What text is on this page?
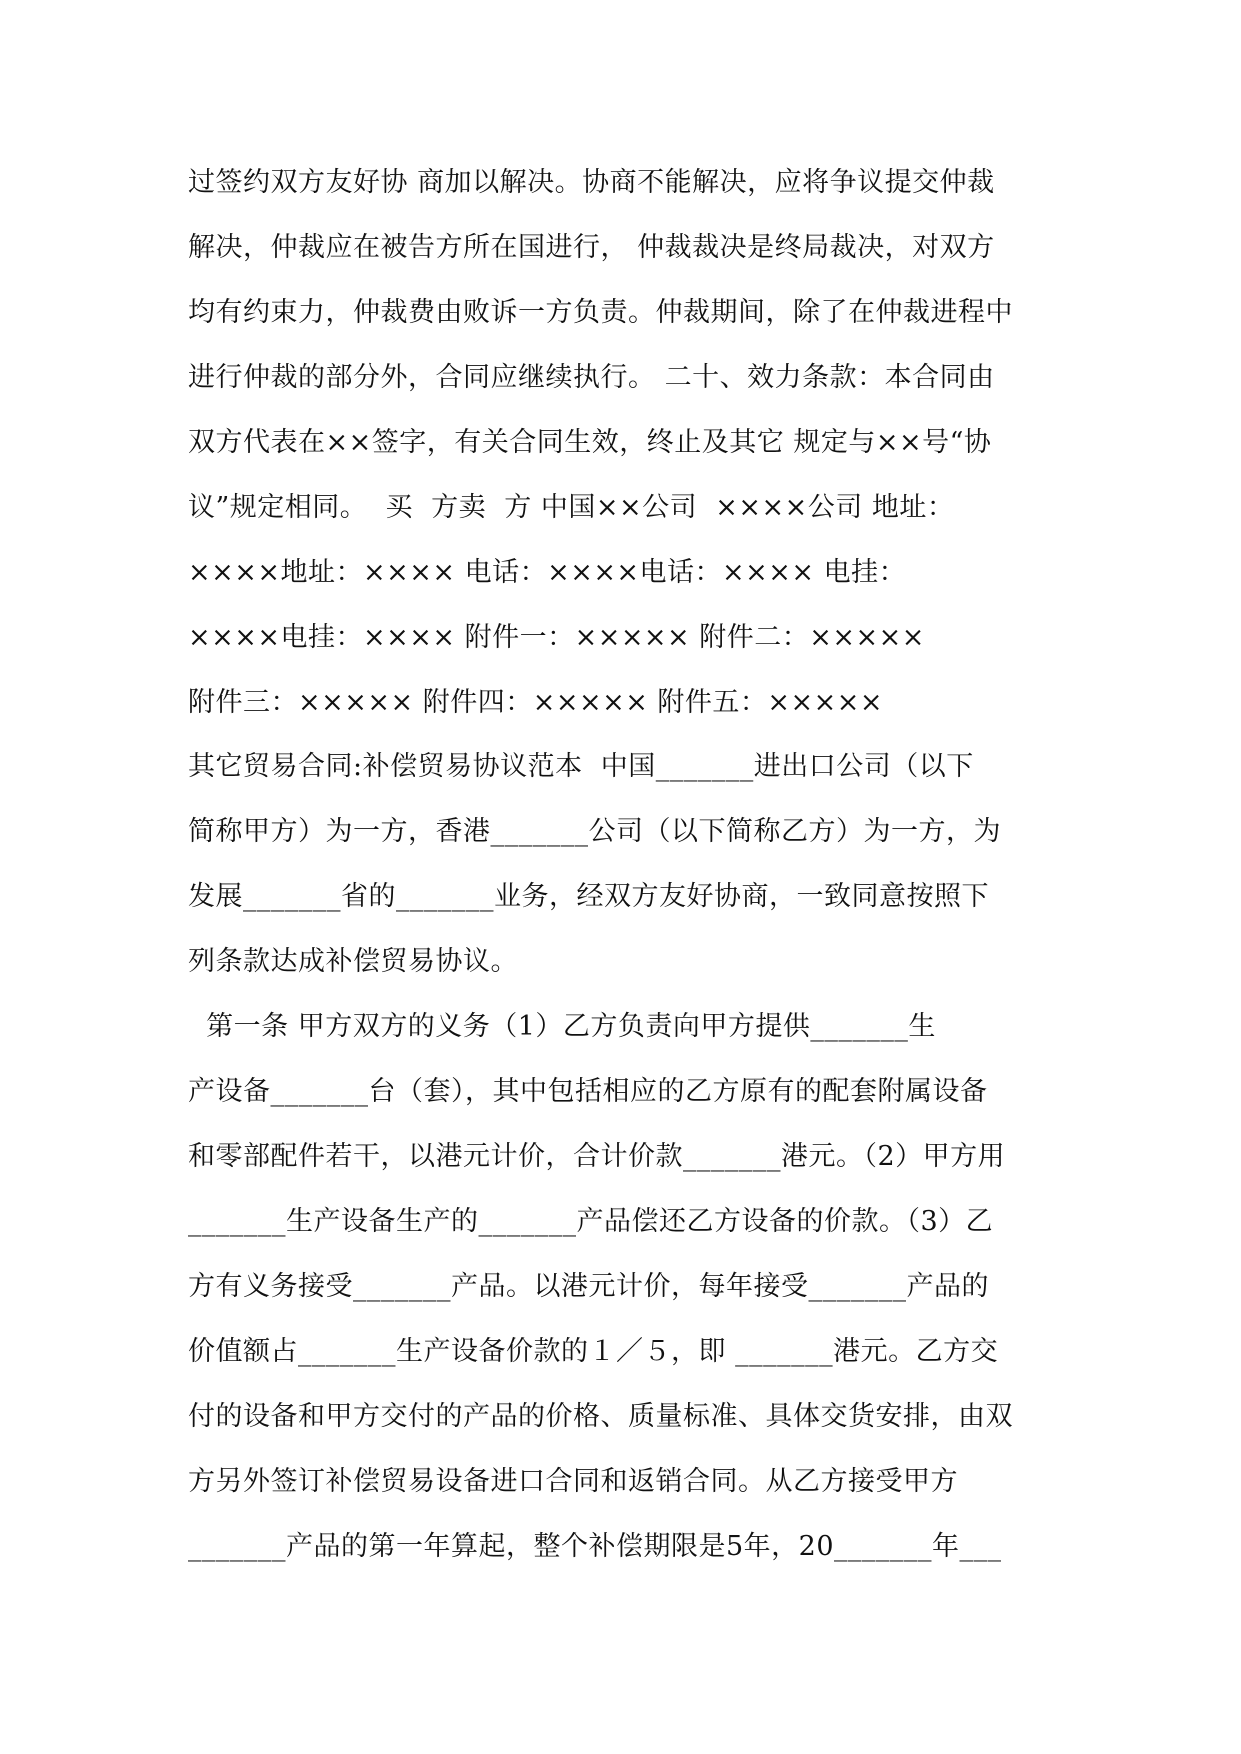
过签约双方友好协 商加以解决。协商不能解决，应将争议提交仲裁
解决，仲裁应在被告方所在国进行， 仲裁裁决是终局裁决，对双方
均有约束力，仲裁费由败诉一方负责。仲裁期间，除了在仲裁进程中
进行仲裁的部分外，合同应继续执行。 二十、效力条款：本合同由
双方代表在××签字，有关合同生效，终止及其它 规定与××号“协
议”规定相同。  买  方卖  方 中国××公司  ××××公司 地址：
××××地址：×××× 电话：××××电话：×××× 电挂：
××××电挂：×××× 附件一：××××× 附件二：×××××
附件三：××××× 附件四：××××× 附件五：×××××
其它贸易合同:补偿贸易协议范本  中国_______进出口公司（以下
简称甲方）为一方，香港_______公司（以下简称乙方）为一方，为
发展_______省的_______业务，经双方友好协商，一致同意按照下
列条款达成补偿贸易协议。
第一条 甲方双方的义务（1）乙方负责向甲方提供_______生
产设备_______台（套），其中包括相应的乙方原有的配套附属设备
和零部配件若干，以港元计价，合计价款_______港元。（2）甲方用
_______生产设备生产的_______产品偿还乙方设备的价款。（3）乙
方有义务接受_______产品。以港元计价，每年接受_______产品的
价值额占_______生产设备价款的１／５，即 _______港元。乙方交
付的设备和甲方交付的产品的价格、质量标准、具体交货安排，由双
方另外签订补偿贸易设备进口合同和返销合同。从乙方接受甲方
_______产品的第一年算起，整个补偿期限是5年，20_______年___
